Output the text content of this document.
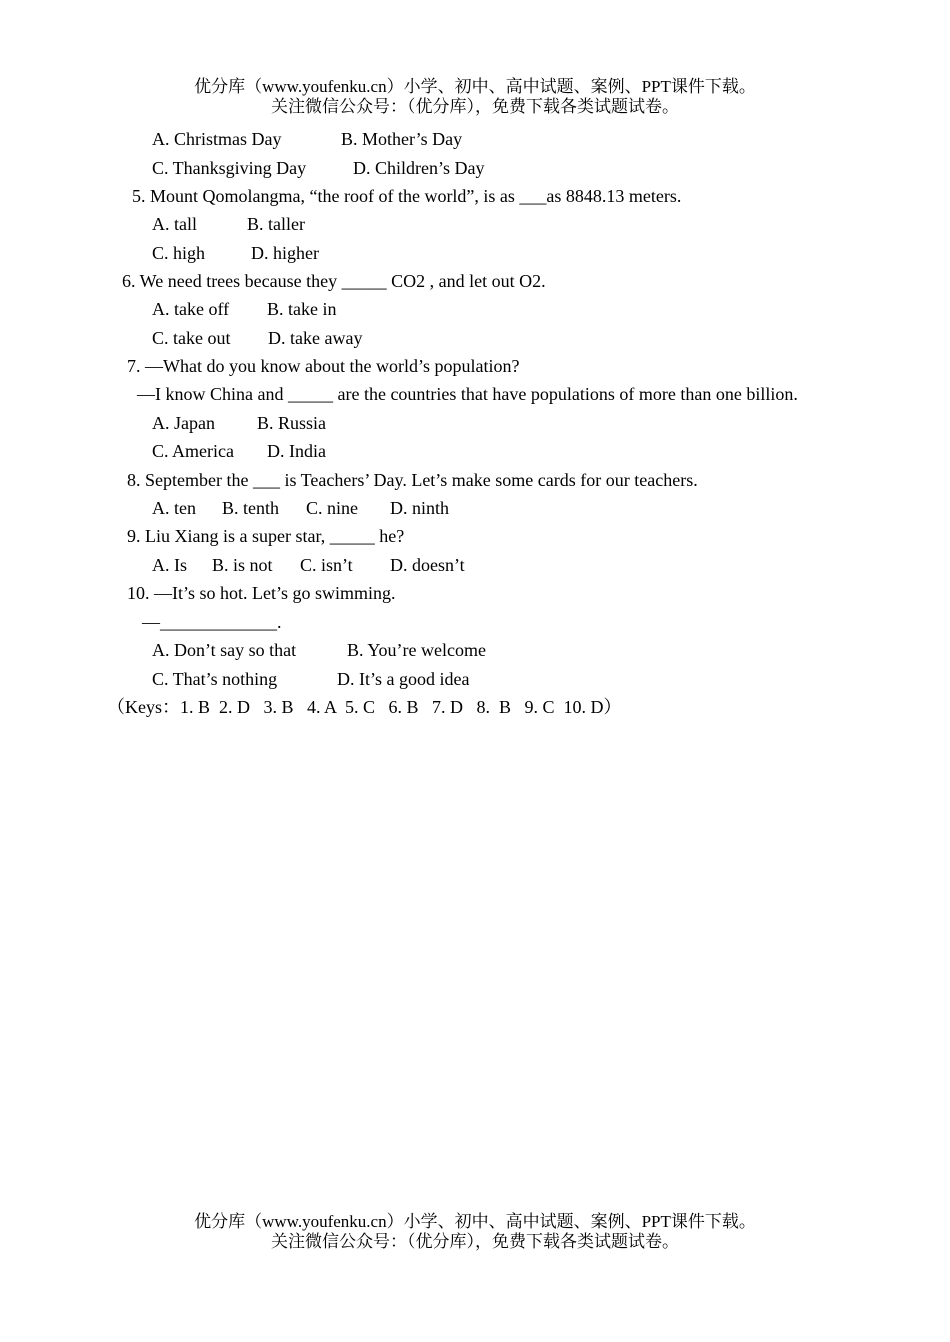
优分库（www.youfenku.cn）小学、初中、高中试题、案例、PPT课件下载。
关注微信公众号：（优分库），免费下载各类试题试卷。
A. Christmas Day	B. Mother’s Day
C. Thanksgiving Day	D. Children’s Day
5. Mount Qomolangma, “the roof of the world”, is as ___as 8848.13 meters.
A. tall	B. taller
C. high	D. higher
6. We need trees because they _____ CO2 , and let out O2.
A. take off B. take in
C. take out D. take away
7. —What do you know about the world’s population?
—I know China and _____ are the countries that have populations of more than one billion.
A. Japan B. Russia
C. America D. India
8. September the ___ is Teachers’ Day. Let’s make some cards for our teachers.
A. ten B. tenth C. nine D. ninth
9. Liu Xiang is a super star, _____ he?
A. Is B. is not C. isn’t D. doesn’t
10. —It’s so hot. Let’s go swimming.
—_____________.
A. Don’t say so that	B. You’re welcome
C. That’s nothing	D. It’s a good idea
（Keys：1. B  2. D   3. B   4. A  5. C   6. B   7. D   8.  B   9. C  10. D）
优分库（www.youfenku.cn）小学、初中、高中试题、案例、PPT课件下载。
关注微信公众号：（优分库），免费下载各类试题试卷。
